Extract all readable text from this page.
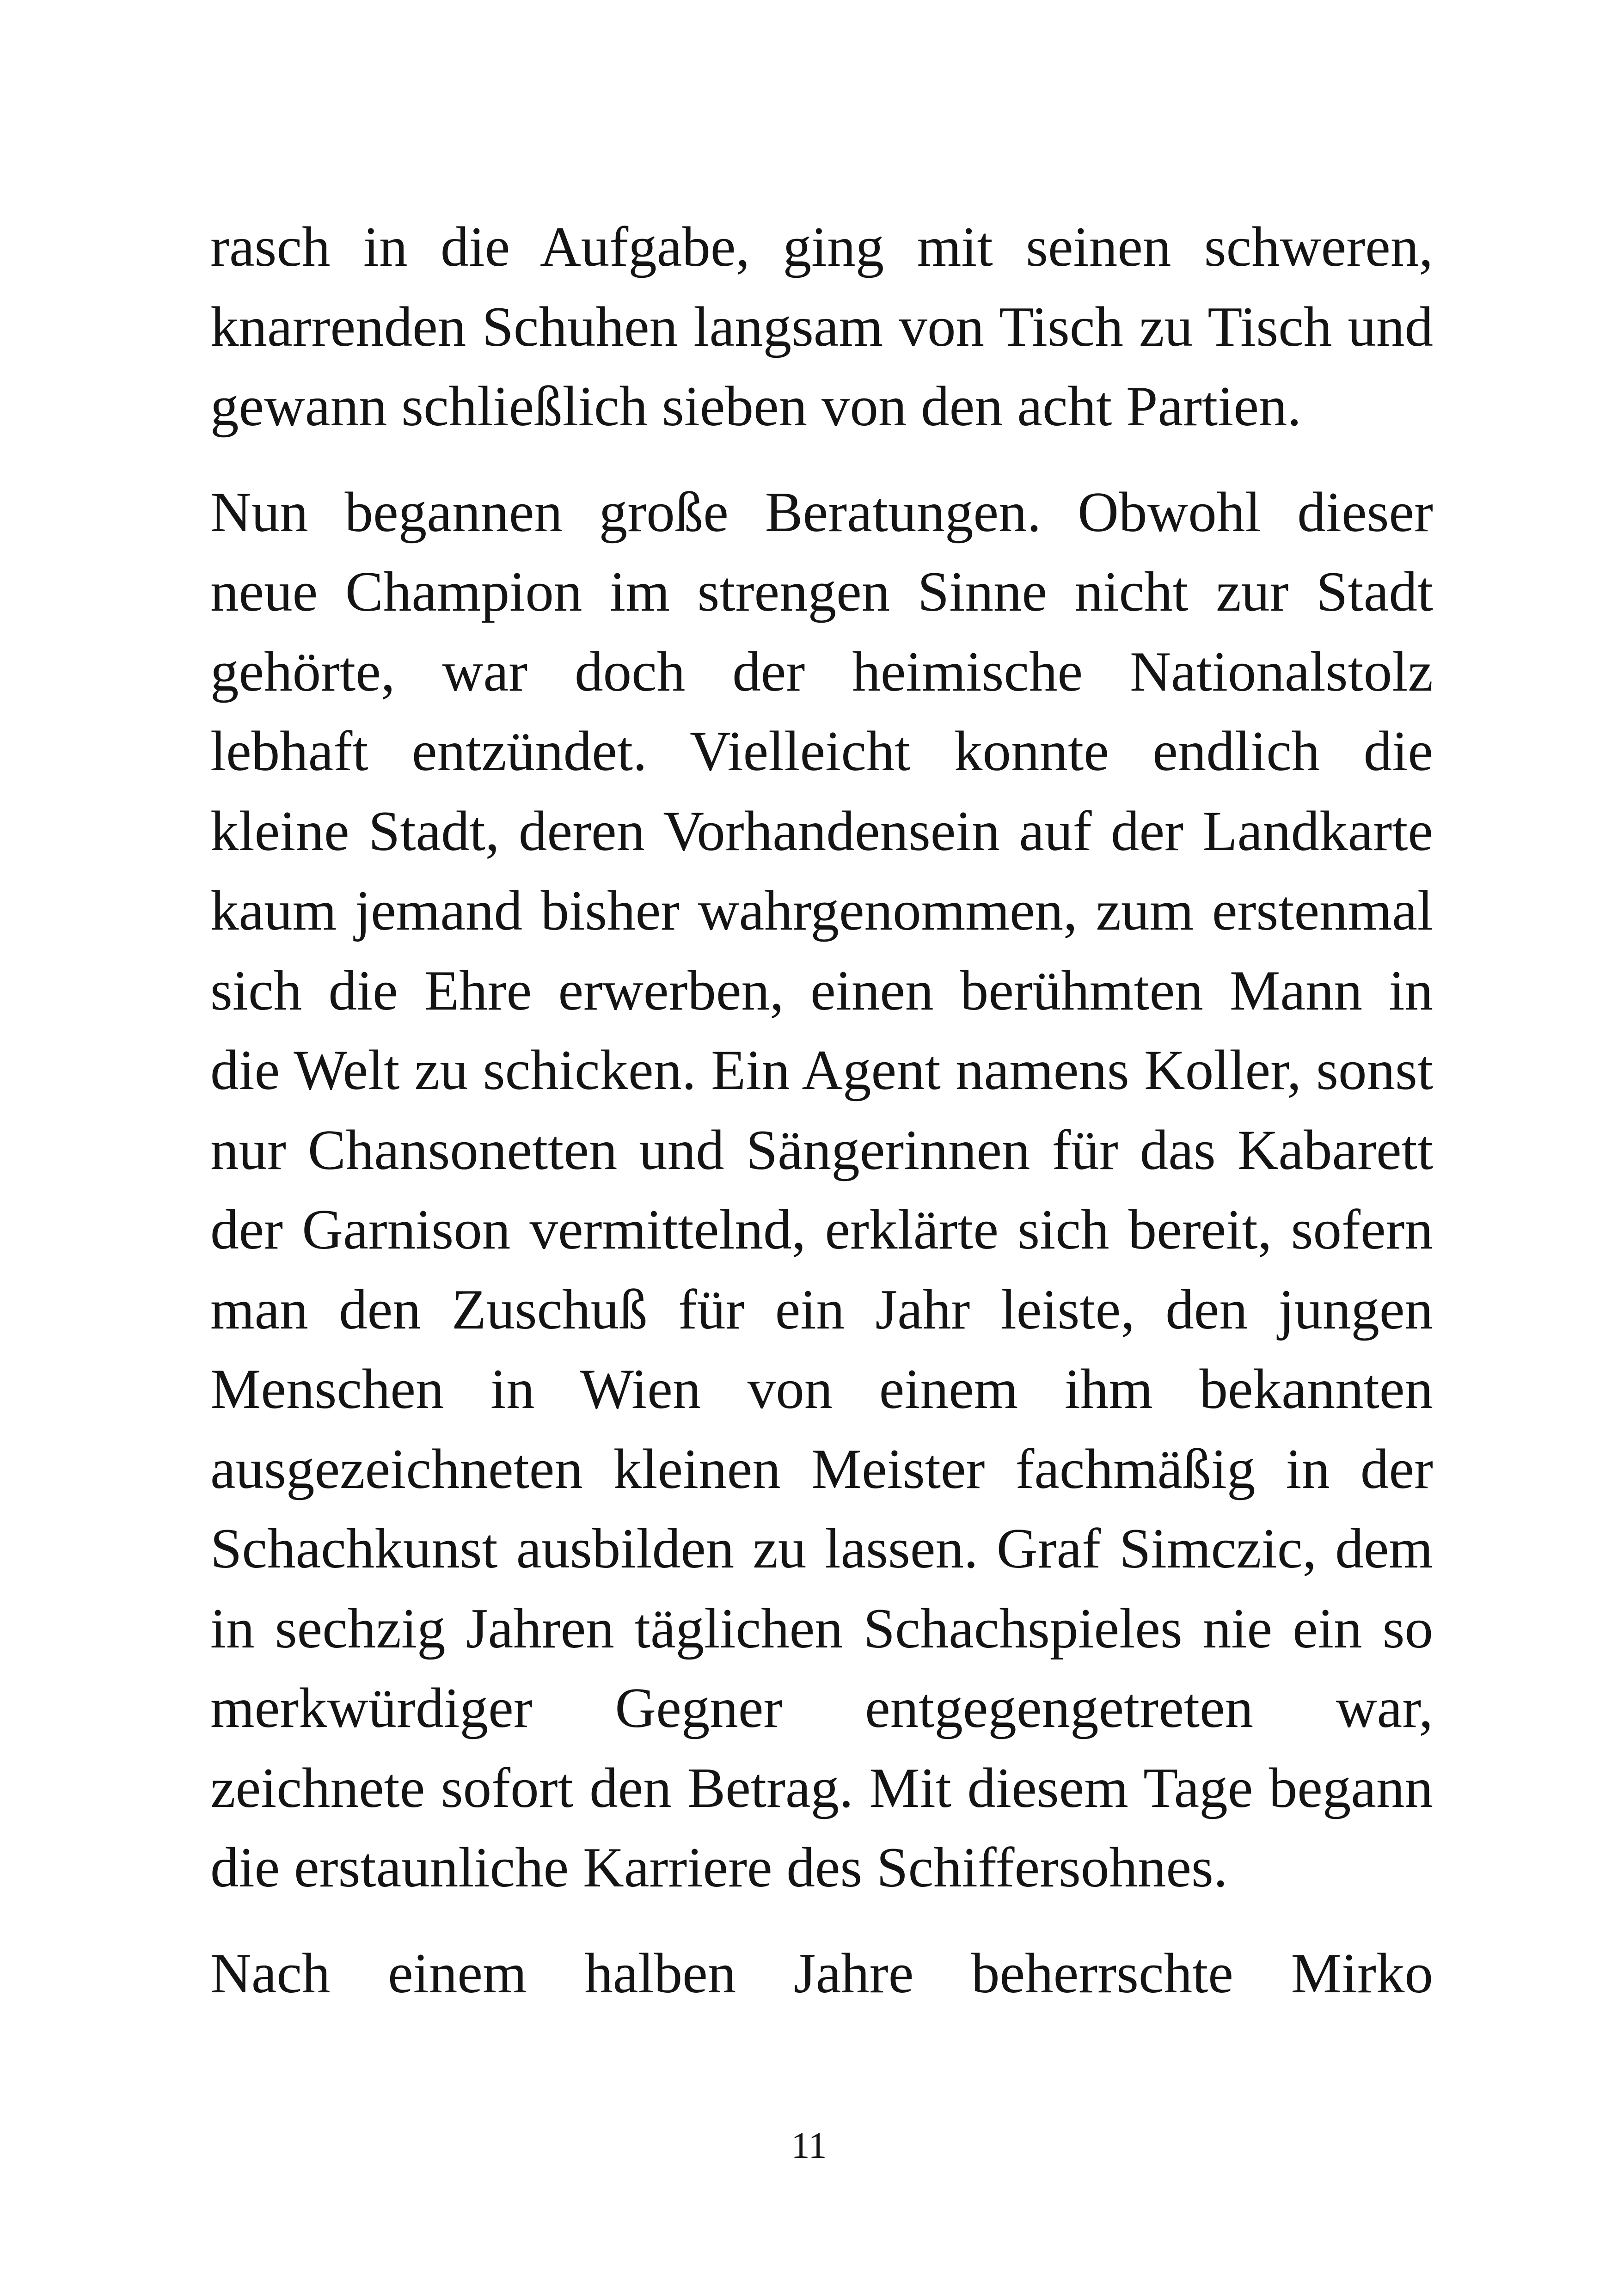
rasch in die Aufgabe, ging mit seinen schweren,
knarrenden Schuhen langsam von Tisch zu Tisch und
gewann schließlich sieben von den acht Partien.

Nun begannen große Beratungen. Obwohl dieser
neue Champion im strengen Sinne nicht zur Stadt
gehörte, war doch der heimische Nationalstolz
lebhaft entzündet. Vielleicht konnte endlich die
kleine Stadt, deren Vorhandensein auf der Landkarte
kaum jemand bisher wahrgenommen, zum erstenmal
sich die Ehre erwerben, einen berühmten Mann in
die Welt zu schicken. Ein Agent namens Koller, sonst
nur Chansonetten und Sängerinnen für das Kabarett
der Garnison vermittelnd, erklärte sich bereit, sofern
man den Zuschuß für ein Jahr leiste, den jungen
Menschen in Wien von einem ihm bekannten
ausgezeichneten kleinen Meister fachmäßig in der
Schachkunst ausbilden zu lassen. Graf Simczic, dem
in sechzig Jahren täglichen Schachspieles nie ein so
merkwürdiger Gegner entgegengetreten war,
zeichnete sofort den Betrag. Mit diesem Tage begann
die erstaunliche Karriere des Schiffersohnes.

Nach einem halben Jahre beherrschte Mirko

11
